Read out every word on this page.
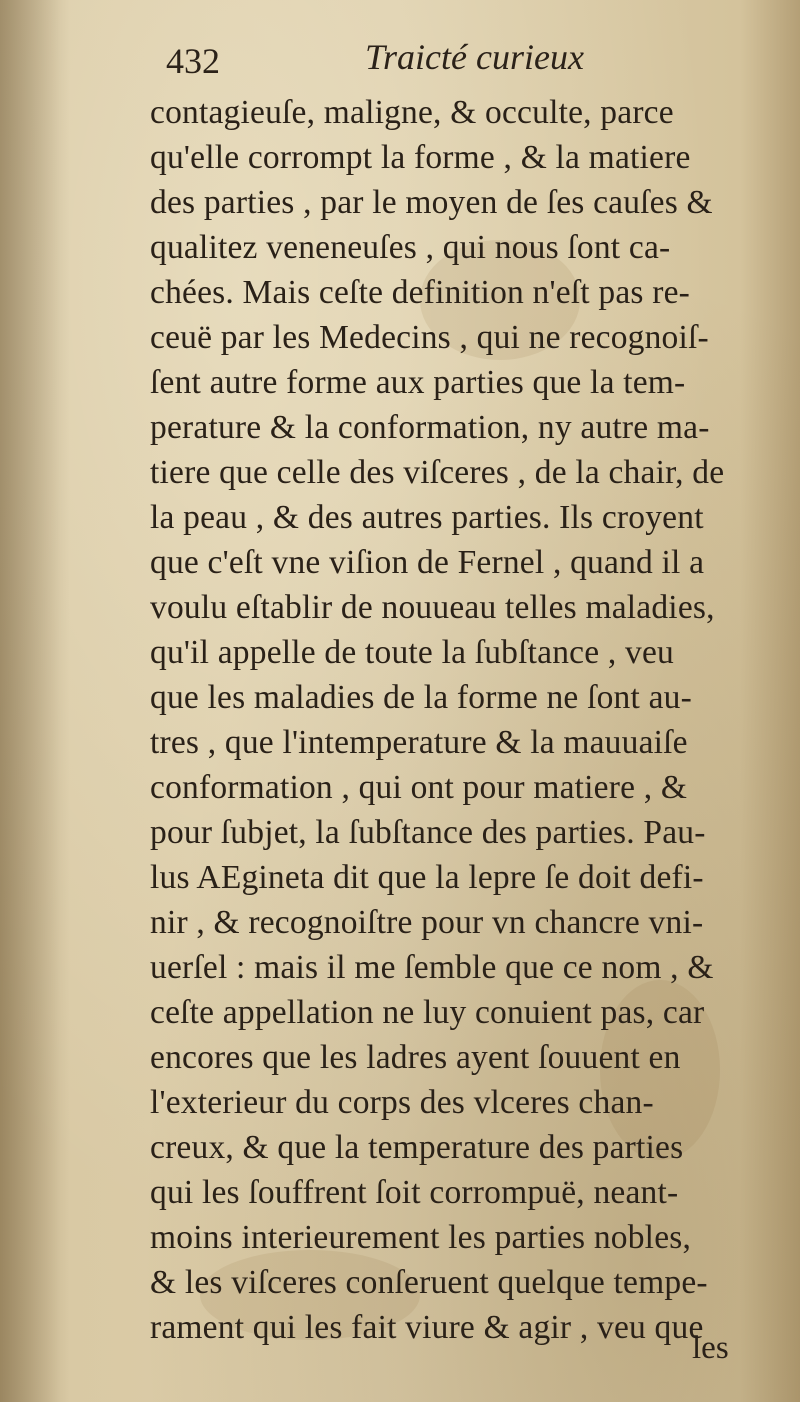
432	Traicté curieux
contagieuſe, maligne, & occulte, parce
qu'elle corrompt la forme , & la matiere
des parties , par le moyen de ſes cauſes &
qualitez veneneuſes , qui nous ſont ca-
chées. Mais ceſte definition n'eſt pas re-
ceuë par les Medecins , qui ne recognoiſ-
ſent autre forme aux parties que la tem-
perature & la conformation, ny autre ma-
tiere que celle des viſceres , de la chair, de
la peau , & des autres parties. Ils croyent
que c'eſt vne viſion de Fernel , quand il a
voulu eſtablir de nouueau telles maladies,
qu'il appelle de toute la ſubſtance , veu
que les maladies de la forme ne ſont au-
tres , que l'intemperature & la mauuaiſe
conformation , qui ont pour matiere , &
pour ſubjet, la ſubſtance des parties. Pau-
lus AEgineta dit que la lepre ſe doit defi-
nir , & recognoiſtre pour vn chancre vni-
uerſel : mais il me ſemble que ce nom , &
ceſte appellation ne luy conuient pas, car
encores que les ladres ayent ſouuent en
l'exterieur du corps des vlceres chan-
creux, & que la temperature des parties
qui les ſouffrent ſoit corrompuë, neant-
moins interieurement les parties nobles,
& les viſceres conſeruent quelque tempe-
rament qui les fait viure & agir , veu que
les
